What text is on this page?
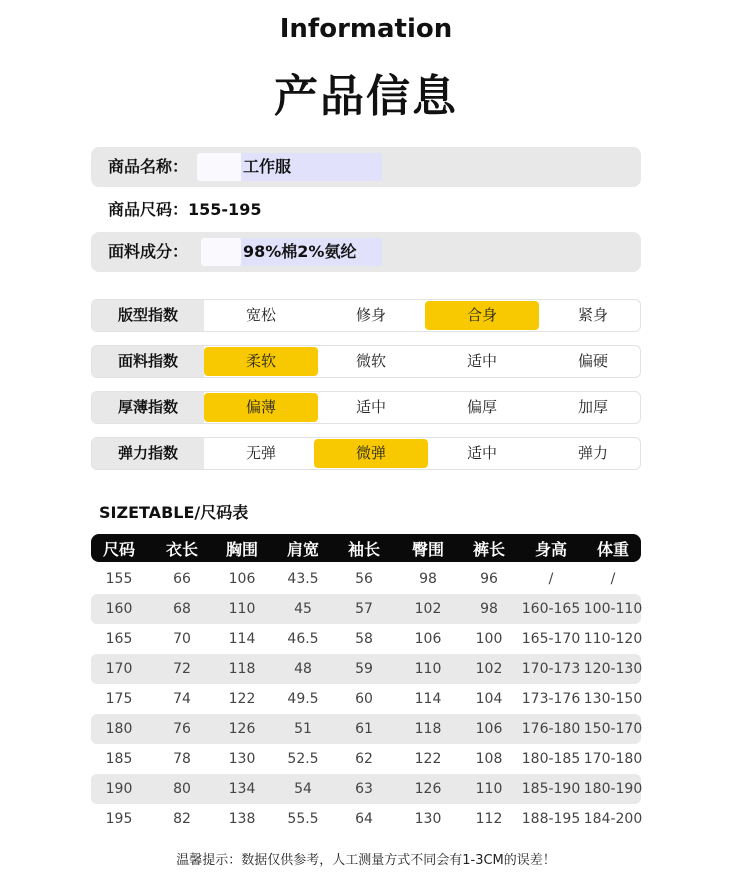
Information
产品信息
商品名称：	工作服
商品尺码：155-195
面料成分：	98%棉2%氨纶
版型指数	宽松	修身	合身	紧身
面料指数	柔软	微软	适中	偏硬
厚薄指数	偏薄	适中	偏厚	加厚
弹力指数	无弹	微弹	适中	弹力
SIZETABLE/尺码表
尺码 衣长 胸围 肩宽 袖长 臀围 裤长 身高 体重
155	66	106 43.5	56	98	96	/	/
160	68	110	45	57	102	98 160-165 100-110
165	70	114 46.5	58	106 100 165-170 110-120
170	72	118	48	59	110 102 170-173 120-130
175	74	122 49.5	60	114 104 173-176 130-150
180	76	126	51	61	118 106 176-180 150-170
185	78	130 52.5	62	122 108 180-185 170-180
190	80	134	54	63	126 110 185-190 180-190
195	82	138 55.5	64	130 112 188-195 184-200
温馨提示：数据仅供参考，人工测量方式不同会有1-3CM的误差！
